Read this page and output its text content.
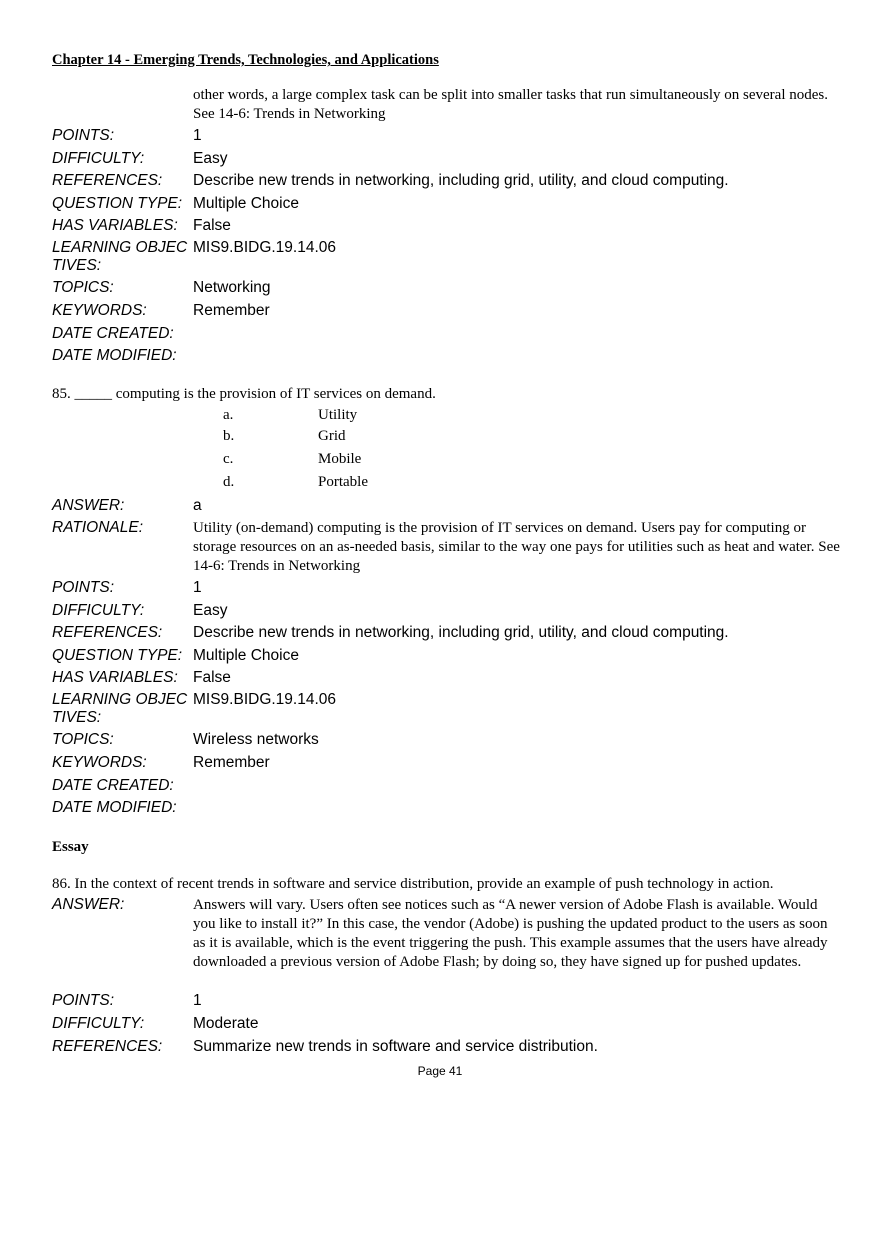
Chapter 14 - Emerging Trends, Technologies, and Applications
other words, a large complex task can be split into smaller tasks that run simultaneously on several nodes. See 14-6: Trends in Networking
POINTS:	1
DIFFICULTY:	Easy
REFERENCES:	Describe new trends in networking, including grid, utility, and cloud computing.
QUESTION TYPE: Multiple Choice
HAS VARIABLES: False
LEARNING OBJECTIVES:
MIS9.BIDG.19.14.06
TOPICS:	Networking
KEYWORDS:	Remember
DATE CREATED:
DATE MODIFIED:
85. _____ computing is the provision of IT services on demand.
a.	Utility
b.	Grid
c.	Mobile
d.	Portable
ANSWER:	a
RATIONALE:	Utility (on-demand) computing is the provision of IT services on demand. Users pay for computing or storage resources on an as-needed basis, similar to the way one pays for utilities such as heat and water. See 14-6: Trends in Networking
POINTS:	1
DIFFICULTY:	Easy
REFERENCES:	Describe new trends in networking, including grid, utility, and cloud computing.
QUESTION TYPE: Multiple Choice
HAS VARIABLES: False
LEARNING OBJECTIVES:
MIS9.BIDG.19.14.06
TOPICS:	Wireless networks
KEYWORDS:	Remember
DATE CREATED:
DATE MODIFIED:
Essay
86. In the context of recent trends in software and service distribution, provide an example of push technology in action.
ANSWER:	Answers will vary. Users often see notices such as “A newer version of Adobe Flash is available. Would you like to install it?” In this case, the vendor (Adobe) is pushing the updated product to the users as soon as it is available, which is the event triggering the push. This example assumes that the users have already downloaded a previous version of Adobe Flash; by doing so, they have signed up for pushed updates.
POINTS:	1
DIFFICULTY:	Moderate
REFERENCES:	Summarize new trends in software and service distribution.
Page 41
